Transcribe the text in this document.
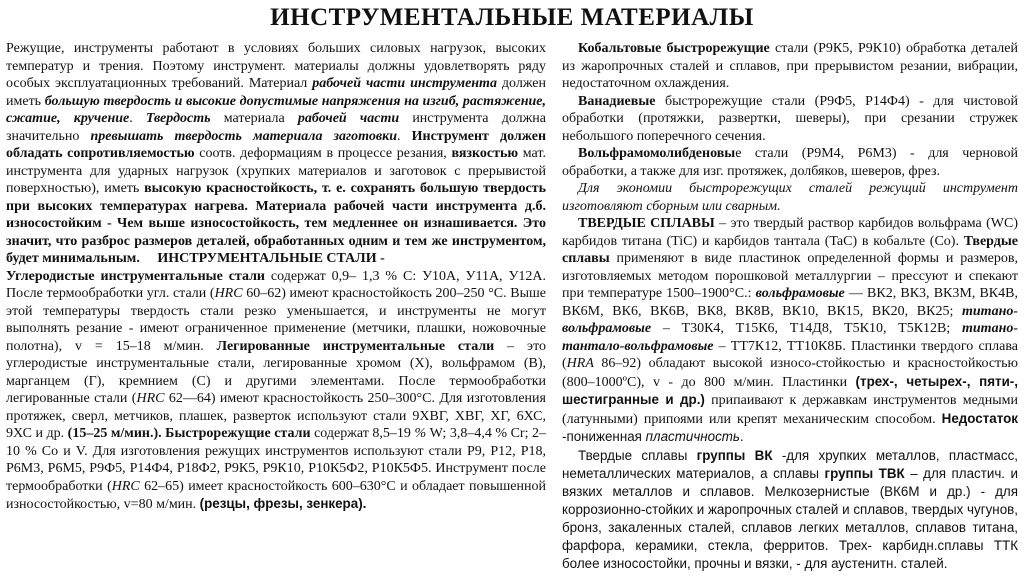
ИНСТРУМЕНТАЛЬНЫЕ МАТЕРИАЛЫ

Режущие, инструменты работают в условиях больших силовых нагрузок, высоких температур и трения. Поэтому инструмент. материалы должны удовлетворять ряду особых эксплуатационных требований. Материал рабочей части инструмента должен иметь большую твердость и высокие допустимые напряжения на изгиб, растяжение, сжатие, кручение. Твердость материала рабочей части инструмента должна значительно превышать твердость материала заготовки. Инструмент должен обладать сопротивляемостью соотв. деформациям в процессе резания, вязкостью мат. инструмента для ударных нагрузок (хрупких материалов и заготовок с прерывистой поверхностью), иметь высокую красностойкость, т. е. сохранять большую твердость при высоких температурах нагрева. Материала рабочей части инструмента д.б. износостойким - Чем выше износостойкость, тем медленнее он изнашивается. Это значит, что разброс размеров деталей, обработанных одним и тем же инструментом, будет минимальным.     ИНСТРУМЕНТАЛЬНЫЕ СТАЛИ -
Углеродистые инструментальные стали содержат 0,9– 1,3 % С: У10А, У11А, У12А. После термообработки угл. стали (HRC 60–62) имеют красностойкость 200–250 °С. Выше этой температуры твердость стали резко уменьшается, и инструменты не могут выполнять резание - имеют ограниченное применение (метчики, плашки, ножовочные полотна), v = 15–18 м/мин. Легированные инструментальные стали – это углеродистые инструментальные стали, легированные хромом (Х), вольфрамом (В), марганцем (Г), кремнием (С) и другими элементами. После термообработки легированные стали (HRC 62—64) имеют красностойкость 250–300°С. Для изготовления протяжек, сверл, метчиков, плашек, разверток используют стали 9ХВГ, ХВГ, ХГ, 6ХС, 9ХС и др. (15–25 м/мин.). Быстрорежущие стали содержат 8,5–19 % W; 3,8–4,4 % Cr; 2–10 % Со и V. Для изготовления режущих инструментов используют стали Р9, Р12, Р18, Р6М3, Р6М5, Р9Ф5, Р14Ф4, Р18Ф2, Р9К5, Р9К10, Р10К5Ф2, Р10К5Ф5. Инструмент после термообработки (HRC 62–65) имеет красностойкость 600–630°С и обладает повышенной износостойкостью, v=80 м/мин. (резцы, фрезы, зенкера).

Кобальтовые быстрорежущие стали (Р9К5, Р9К10) обработка деталей из жаропрочных сталей и сплавов, при прерывистом резании, вибрации, недостаточном охлаждения.

Ванадиевые быстрорежущие стали (Р9Ф5, Р14Ф4) - для чистовой обработки (протяжки, развертки, шеверы), при срезании стружек небольшого поперечного сечения.

Вольфрамомолибденовые стали (Р9М4, Р6М3) - для черновой обработки, а также для изг. протяжек, долбяков, шеверов, фрез.

Для экономии быстрорежущих сталей режущий инструмент изготовляют сборным или сварным.

ТВЕРДЫЕ СПЛАВЫ – это твердый раствор карбидов вольфрама (WC) карбидов титана (TiC) и карбидов тантала (TaC) в кобальте (Co). Твердые сплавы применяют в виде пластинок определенной формы и размеров, изготовляемых методом порошковой металлургии – прессуют и спекают при температуре 1500–1900°С.: вольфрамовые — ВК2, ВК3, ВК3М, ВК4В, ВК6М, ВК6, ВК6В, ВК8, ВК8В, ВК10, ВК15, ВК20, ВК25; титано-вольфрамовые – Т30К4, Т15К6, Т14Д8, Т5К10, Т5К12В; титано-танталo-вольфрамовые – ТТ7К12, ТТ10К8Б. Пластинки твердого сплава (HRA 86–92) обладают высокой износо-стойкостью и красностойкостью (800–1000ºС), v - до 800 м/мин. Пластинки (трех-, четырех-, пяти-, шестигранные и др.) припаивают к державкам инструментов медными (латунными) припоями или крепят механическим способом. Недостаток -пониженная пластичность.

Твердые сплавы группы ВК -для хрупких металлов, пластмасс, неметаллических материалов, а сплавы группы ТВК – для пластич. и вязких металлов и сплавов. Мелкозернистые (ВК6М и др.) - для коррозионно-стойких и жаропрочных сталей и сплавов, твердых чугунов, бронз, закаленных сталей, сплавов легких металлов, сплавов титана, фарфора, керамики, стекла, ферритов. Трех- карбидн.сплавы ТТК более износостойки, прочны и вязки, - для аустенитн. сталей.
